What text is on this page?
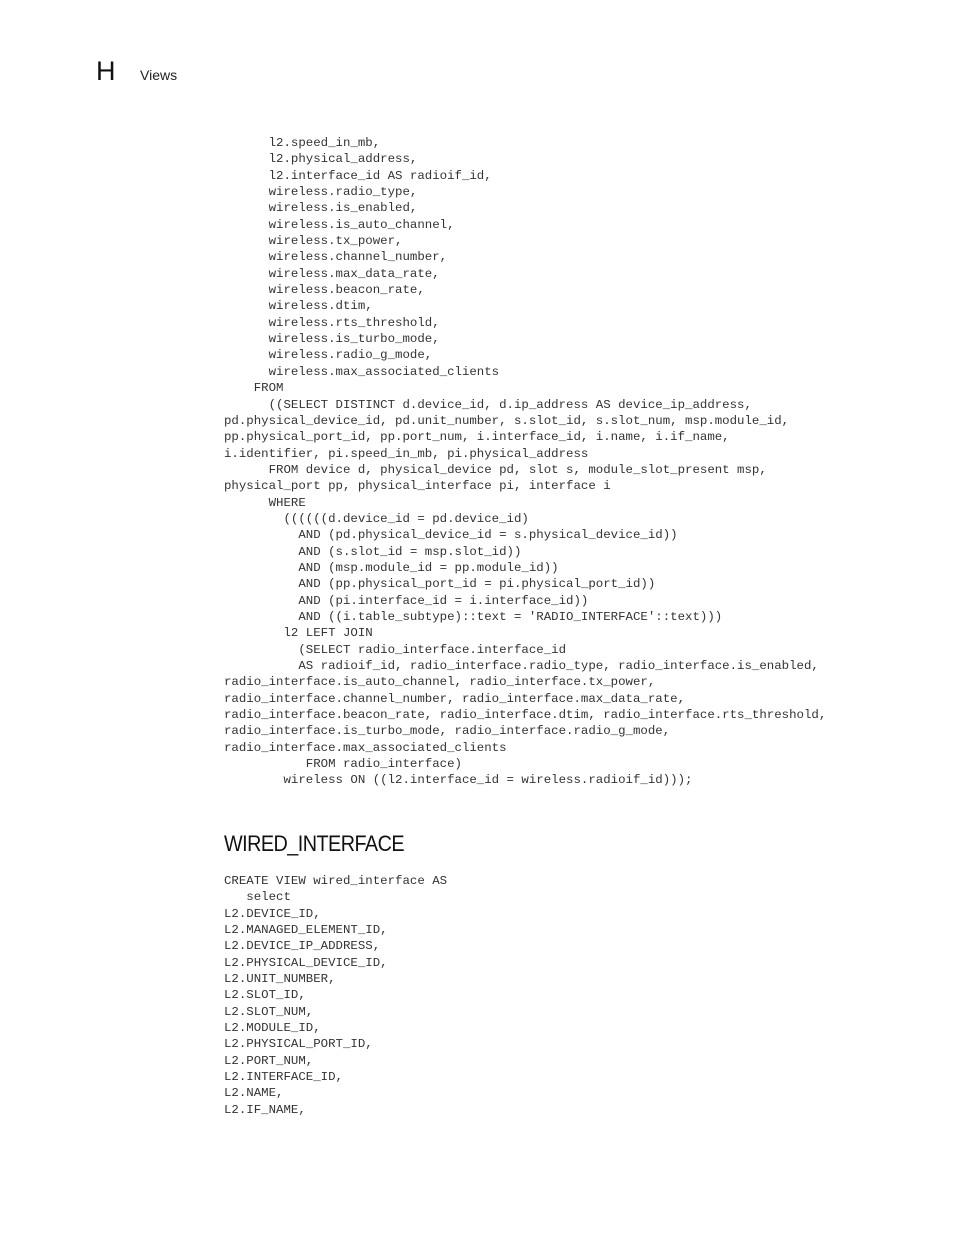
H	Views
l2.speed_in_mb,
l2.physical_address,
l2.interface_id AS radioif_id,
wireless.radio_type,
wireless.is_enabled,
wireless.is_auto_channel,
wireless.tx_power,
wireless.channel_number,
wireless.max_data_rate,
wireless.beacon_rate,
wireless.dtim,
wireless.rts_threshold,
wireless.is_turbo_mode,
wireless.radio_g_mode,
wireless.max_associated_clients
FROM
((SELECT DISTINCT d.device_id, d.ip_address AS device_ip_address,
pd.physical_device_id, pd.unit_number, s.slot_id, s.slot_num, msp.module_id,
pp.physical_port_id, pp.port_num, i.interface_id, i.name, i.if_name,
i.identifier, pi.speed_in_mb, pi.physical_address
FROM device d, physical_device pd, slot s, module_slot_present msp,
physical_port pp, physical_interface pi, interface i
WHERE
((((((d.device_id = pd.device_id)
AND (pd.physical_device_id = s.physical_device_id))
AND (s.slot_id = msp.slot_id))
AND (msp.module_id = pp.module_id))
AND (pp.physical_port_id = pi.physical_port_id))
AND (pi.interface_id = i.interface_id))
AND ((i.table_subtype)::text = 'RADIO_INTERFACE'::text)))
l2 LEFT JOIN
(SELECT radio_interface.interface_id
AS radioif_id, radio_interface.radio_type, radio_interface.is_enabled,
radio_interface.is_auto_channel, radio_interface.tx_power,
radio_interface.channel_number, radio_interface.max_data_rate,
radio_interface.beacon_rate, radio_interface.dtim, radio_interface.rts_threshold,
radio_interface.is_turbo_mode, radio_interface.radio_g_mode,
radio_interface.max_associated_clients
FROM radio_interface)
wireless ON ((l2.interface_id = wireless.radioif_id)));

WIRED_INTERFACE
CREATE VIEW wired_interface AS
select
L2.DEVICE_ID,
L2.MANAGED_ELEMENT_ID,
L2.DEVICE_IP_ADDRESS,
L2.PHYSICAL_DEVICE_ID,
L2.UNIT_NUMBER,
L2.SLOT_ID,
L2.SLOT_NUM,
L2.MODULE_ID,
L2.PHYSICAL_PORT_ID,
L2.PORT_NUM,
L2.INTERFACE_ID,
L2.NAME,
L2.IF_NAME,
